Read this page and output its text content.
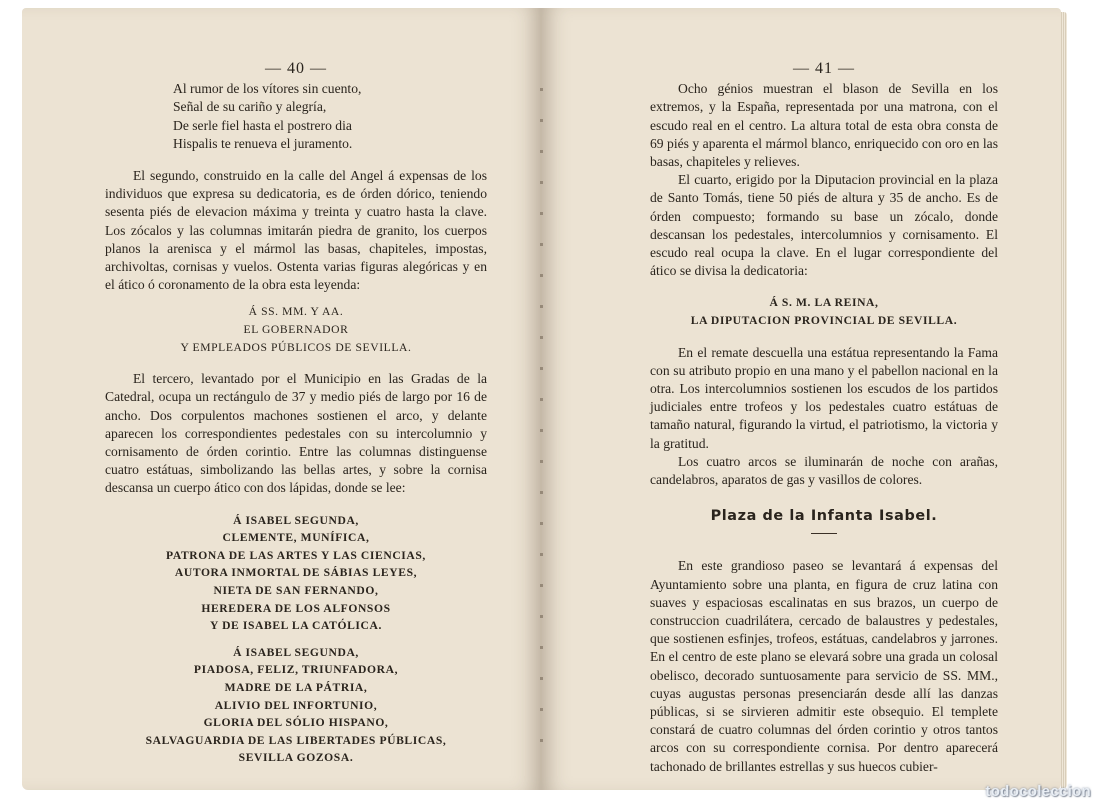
— 40 —
Al rumor de los vítores sin cuento,
Señal de su cariño y alegría,
De serle fiel hasta el postrero dia
Hispalis te renueva el juramento.

El segundo, construido en la calle del Angel á expensas de los individuos que expresa su dedicatoria, es de órden dórico, teniendo sesenta piés de elevacion máxima y treinta y cuatro hasta la clave. Los zócalos y las columnas imitarán piedra de granito, los cuerpos planos la arenisca y el mármol las basas, chapiteles, impostas, archivoltas, cornisas y vuelos. Ostenta varias figuras alegóricas y en el ático ó coronamento de la obra esta leyenda:

Á SS. MM. Y AA.
EL GOBERNADOR
Y EMPLEADOS PÚBLICOS DE SEVILLA.

El tercero, levantado por el Municipio en las Gradas de la Catedral, ocupa un rectángulo de 37 y medio piés de largo por 16 de ancho. Dos corpulentos machones sostienen el arco, y delante aparecen los correspondientes pedestales con su intercolumnio y cornisamento de órden corintio. Entre las columnas distinguense cuatro estátuas, simbolizando las bellas artes, y sobre la cornisa descansa un cuerpo ático con dos lápidas, donde se lee:

Á ISABEL SEGUNDA,
CLEMENTE, MUNÍFICA,
PATRONA DE LAS ARTES Y LAS CIENCIAS,
AUTORA INMORTAL DE SÁBIAS LEYES,
NIETA DE SAN FERNANDO,
HEREDERA DE LOS ALFONSOS
Y DE ISABEL LA CATÓLICA.
Á ISABEL SEGUNDA,
PIADOSA, FELIZ, TRIUNFADORA,
MADRE DE LA PÁTRIA,
ALIVIO DEL INFORTUNIO,
GLORIA DEL SÓLIO HISPANO,
SALVAGUARDIA DE LAS LIBERTADES PÚBLICAS,
SEVILLA GOZOSA.
— 41 —

Ocho génios muestran el blason de Sevilla en los extremos, y la España, representada por una matrona, con el escudo real en el centro. La altura total de esta obra consta de 69 piés y aparenta el mármol blanco, enriquecido con oro en las basas, chapiteles y relieves.

El cuarto, erigido por la Diputacion provincial en la plaza de Santo Tomás, tiene 50 piés de altura y 35 de ancho. Es de órden compuesto; formando su base un zócalo, donde descansan los pedestales, intercolumnios y cornisamento. El escudo real ocupa la clave. En el lugar correspondiente del ático se divisa la dedicatoria:

Á S. M. LA REINA,
LA DIPUTACION PROVINCIAL DE SEVILLA.

En el remate descuella una estátua representando la Fama con su atributo propio en una mano y el pabellon nacional en la otra. Los intercolumnios sostienen los escudos de los partidos judiciales entre trofeos y los pedestales cuatro estátuas de tamaño natural, figurando la virtud, el patriotismo, la victoria y la gratitud.

Los cuatro arcos se iluminarán de noche con arañas, candelabros, aparatos de gas y vasillos de colores.

Plaza de la Infanta Isabel.

En este grandioso paseo se levantará á expensas del Ayuntamiento sobre una planta, en figura de cruz latina con suaves y espaciosas escalinatas en sus brazos, un cuerpo de construccion cuadrilátera, cercado de balaustres y pedestales, que sostienen esfinjes, trofeos, estátuas, candelabros y jarrones. En el centro de este plano se elevará sobre una grada un colosal obelisco, decorado suntuosamente para servicio de SS. MM., cuyas augustas personas presenciarán desde allí las danzas públicas, si se sirvieren admitir este obsequio. El templete constará de cuatro columnas del órden corintio y otros tantos arcos con su correspondiente cornisa. Por dentro aparecerá tachonado de brillantes estrellas y sus huecos cubier-

todocoleccion
